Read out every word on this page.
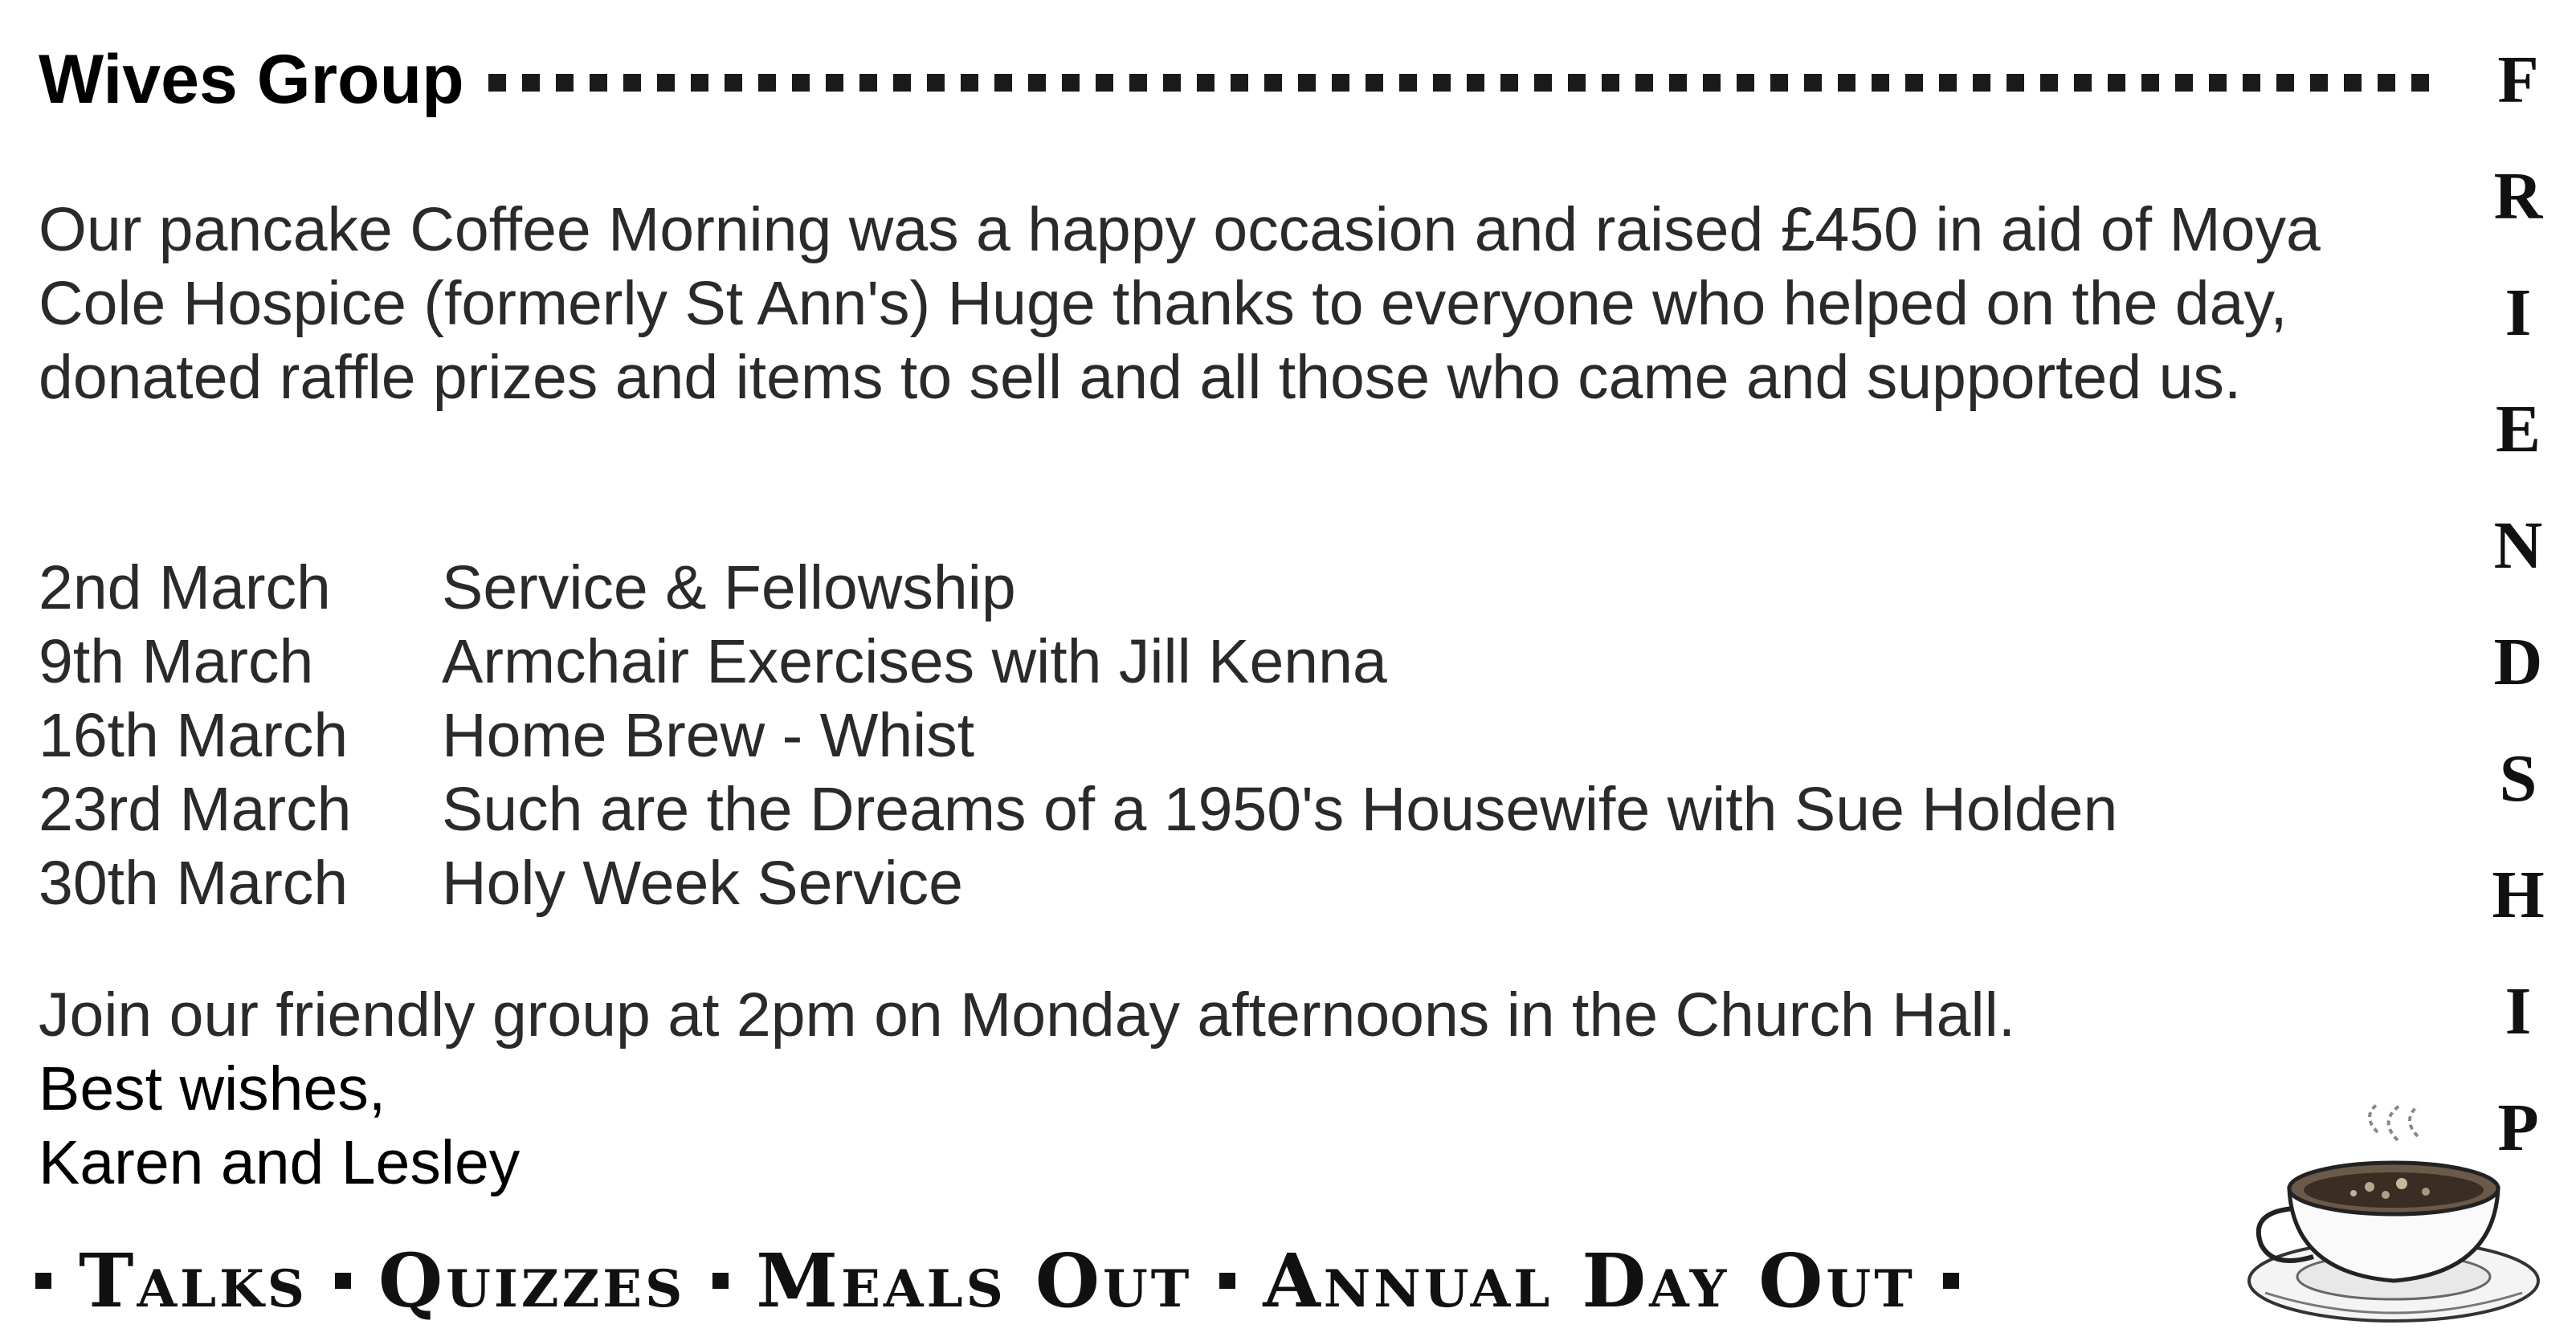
Wives Group	F
R
I
E
N
D
S
H
I
P
Our pancake Coffee Morning was a happy occasion and raised £450 in aid of Moya Cole Hospice (formerly St Ann's) Huge thanks to everyone who helped on the day, donated raffle prizes and items to sell and all those who came and supported us.
2nd March	Service & Fellowship
9th March	Armchair Exercises with Jill Kenna
16th March	Home Brew - Whist
23rd March	Such are the Dreams of a 1950's Housewife with Sue Holden
30th March	Holy Week Service
Join our friendly group at 2pm on Monday afternoons in the Church Hall.
Best wishes,
Karen and Lesley
Talks Quizzes Meals Out Annual Day Out
